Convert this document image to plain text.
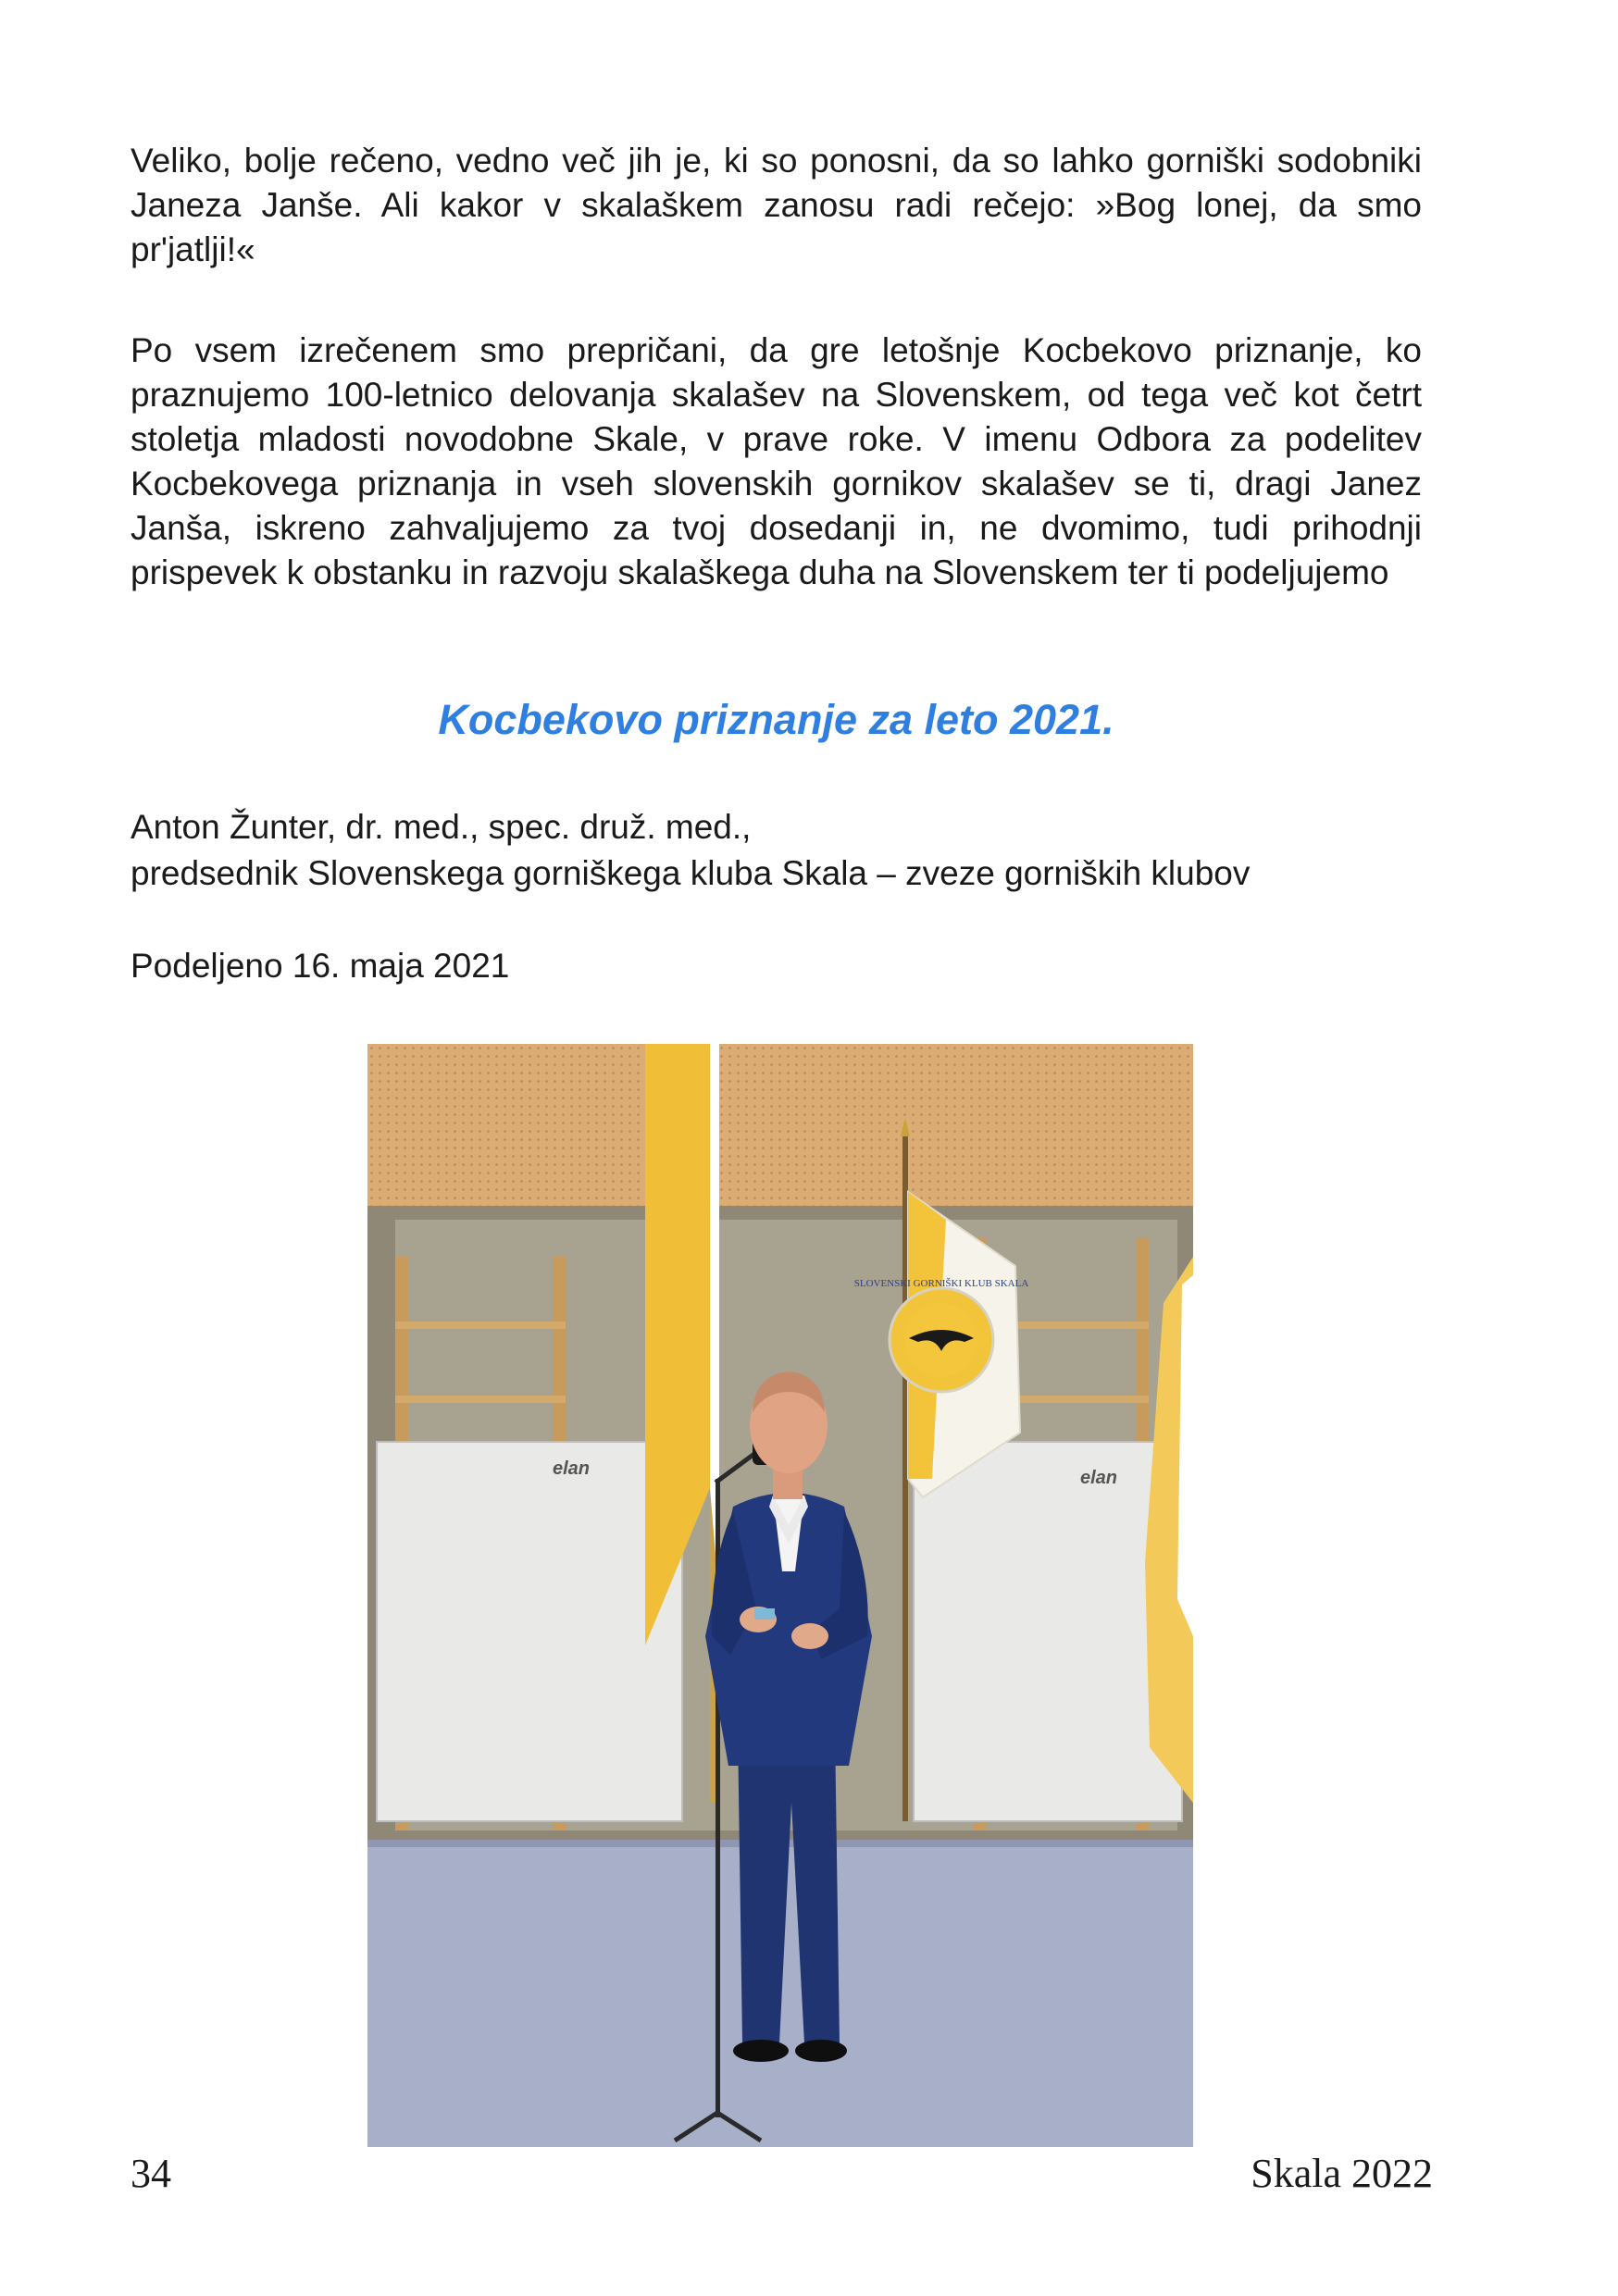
Veliko, bolje rečeno, vedno več jih je, ki so ponosni, da so lahko gorniški sodobniki Janeza Janše. Ali kakor v skalaškem zanosu radi rečejo: »Bog lonej, da smo pr'jatlji!«

Po vsem izrečenem smo prepričani, da gre letošnje Kocbekovo priznanje, ko praznujemo 100-letnico delovanja skalašev na Slovenskem, od tega več kot četrt stoletja mladosti novodobne Skale, v prave roke. V imenu Odbora za podelitev Kocbekovega priznanja in vseh slovenskih gornikov skalašev se ti, dragi Janez Janša, iskreno zahvaljujemo za tvoj dosedanji in, ne dvomimo, tudi prihodnji prispevek k obstanku in razvoju skalaškega duha na Slovenskem ter ti podeljujemo

Kocbekovo priznanje za leto 2021.

Anton Žunter, dr. med., spec. druž. med.,

predsednik Slovenskega gorniškega kluba Skala – zveze gorniških klubov

Podeljeno 16. maja 2021

elan	elan
SLOVENSKI GORNIŠKI KLUB SKALA
34	Skala 2022
